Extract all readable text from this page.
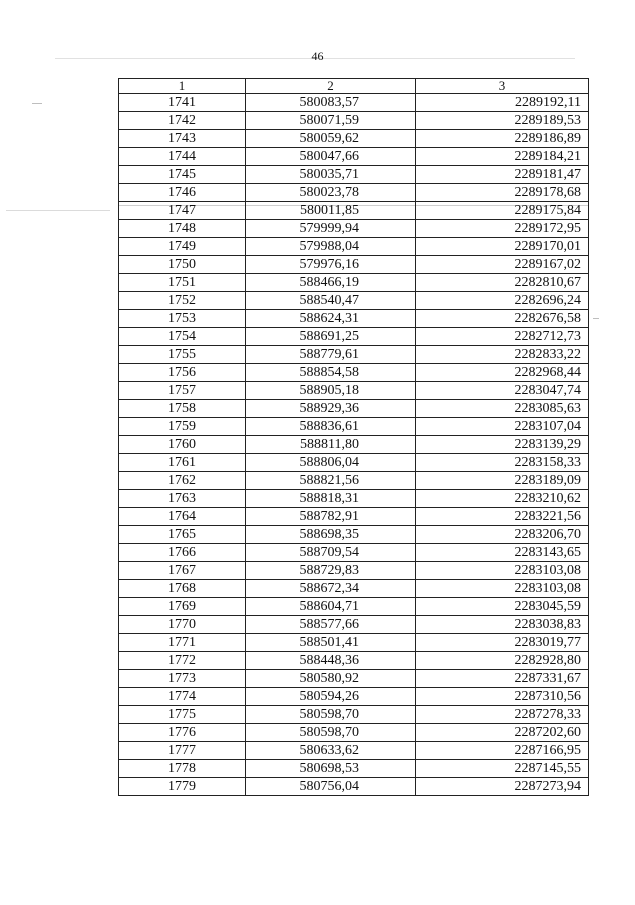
46
1	2	3
1741	580083,57	2289192,11
1742	580071,59	2289189,53
1743	580059,62	2289186,89
1744	580047,66	2289184,21
1745	580035,71	2289181,47
1746	580023,78	2289178,68
1747	580011,85	2289175,84
1748	579999,94	2289172,95
1749	579988,04	2289170,01
1750	579976,16	2289167,02
1751	588466,19	2282810,67
1752	588540,47	2282696,24
1753	588624,31	2282676,58
1754	588691,25	2282712,73
1755	588779,61	2282833,22
1756	588854,58	2282968,44
1757	588905,18	2283047,74
1758	588929,36	2283085,63
1759	588836,61	2283107,04
1760	588811,80	2283139,29
1761	588806,04	2283158,33
1762	588821,56	2283189,09
1763	588818,31	2283210,62
1764	588782,91	2283221,56
1765	588698,35	2283206,70
1766	588709,54	2283143,65
1767	588729,83	2283103,08
1768	588672,34	2283103,08
1769	588604,71	2283045,59
1770	588577,66	2283038,83
1771	588501,41	2283019,77
1772	588448,36	2282928,80
1773	580580,92	2287331,67
1774	580594,26	2287310,56
1775	580598,70	2287278,33
1776	580598,70	2287202,60
1777	580633,62	2287166,95
1778	580698,53	2287145,55
1779	580756,04	2287273,94
